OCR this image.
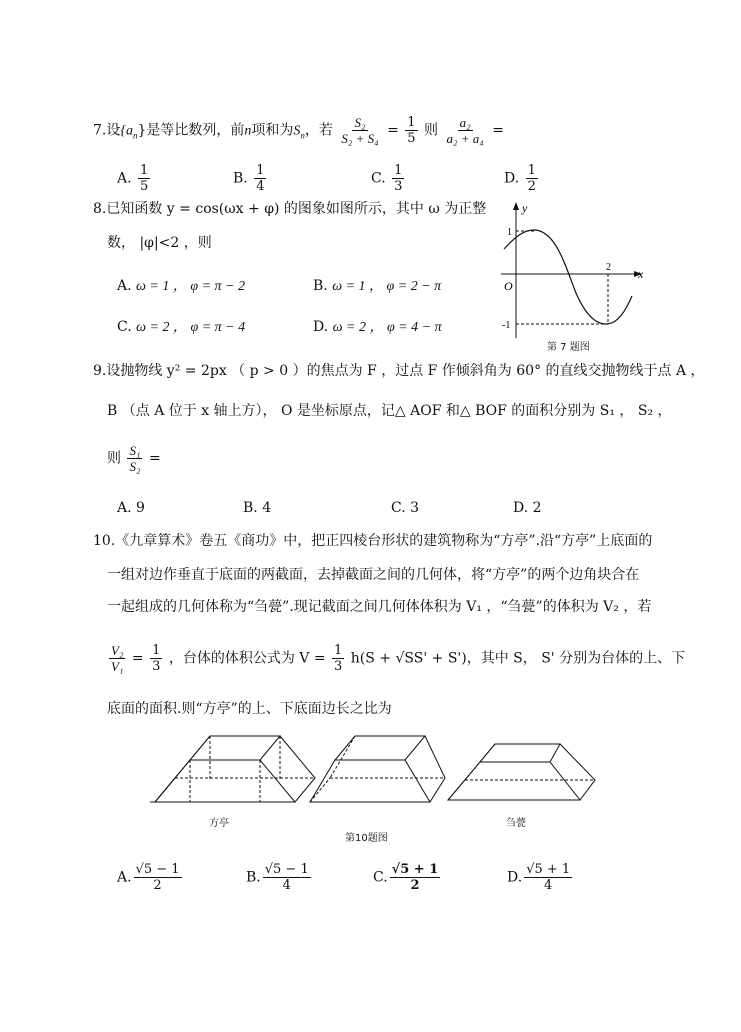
7.设$\{a_n\}$是等比数列，前n项和为$S_n$，若 $\frac{\text{S₂}}{\text{S₂ + S₄}} = \frac{1}{5}$ 则 $\frac{\text{a₂}}{\text{a₂ + a₄}}$ =
A. $\frac{1}{5}$	B. $\frac{1}{4}$	C. $\frac{1}{3}$	D. $\frac{1}{2}$
8.已知函数 y = cos(ωx + φ) 的图象如图所示，其中 ω 为正整
数， |φ|<2 ，则
A. ω = 1 ， φ = π − 2	B. ω = 1 ， φ = 2 − π
C. ω = 2 ， φ = π − 4	D. ω = 2 ， φ = 4 − π
y
x
O
1
-1
2
第 7 题图
9.设抛物线 y² = 2px （ p > 0 ）的焦点为 F ，过点 F 作倾斜角为 60° 的直线交抛物线于点 A ，
B （点 A 位于 x 轴上方）， O 是坐标原点，记△ AOF 和△ BOF 的面积分别为 S₁ ， S₂ ，
则 $\frac{\text{S₁}}{\text{S₂}}$ =
A. 9	B. 4	C. 3	D. 2
10.《九章算术》卷五《商功》中，把正四棱台形状的建筑物称为“方亭”.沿“方亭”上底面的
一组对边作垂直于底面的两截面，去掉截面之间的几何体，将“方亭”的两个边角块合在
一起组成的几何体称为“刍甍”.现记截面之间几何体体积为 V₁ ，“刍甍”的体积为 V₂ ，若
$\frac{\text{V₂}}{\text{V₁}} = \frac{1}{3}$ ，台体的体积公式为 $V = \frac{1}{3} h(S + √SS' + S')$，其中 S， S' 分别为台体的上、下
底面的面积.则“方亭”的上、下底面边长之比为
方亭	刍甍
第10题图
A. $\frac{√5 - 1}{2}$	B. $\frac{√5 - 1}{4}$	C. $\frac{√5 + 1}{2}$	D. $\frac{√5 + 1}{4}$
